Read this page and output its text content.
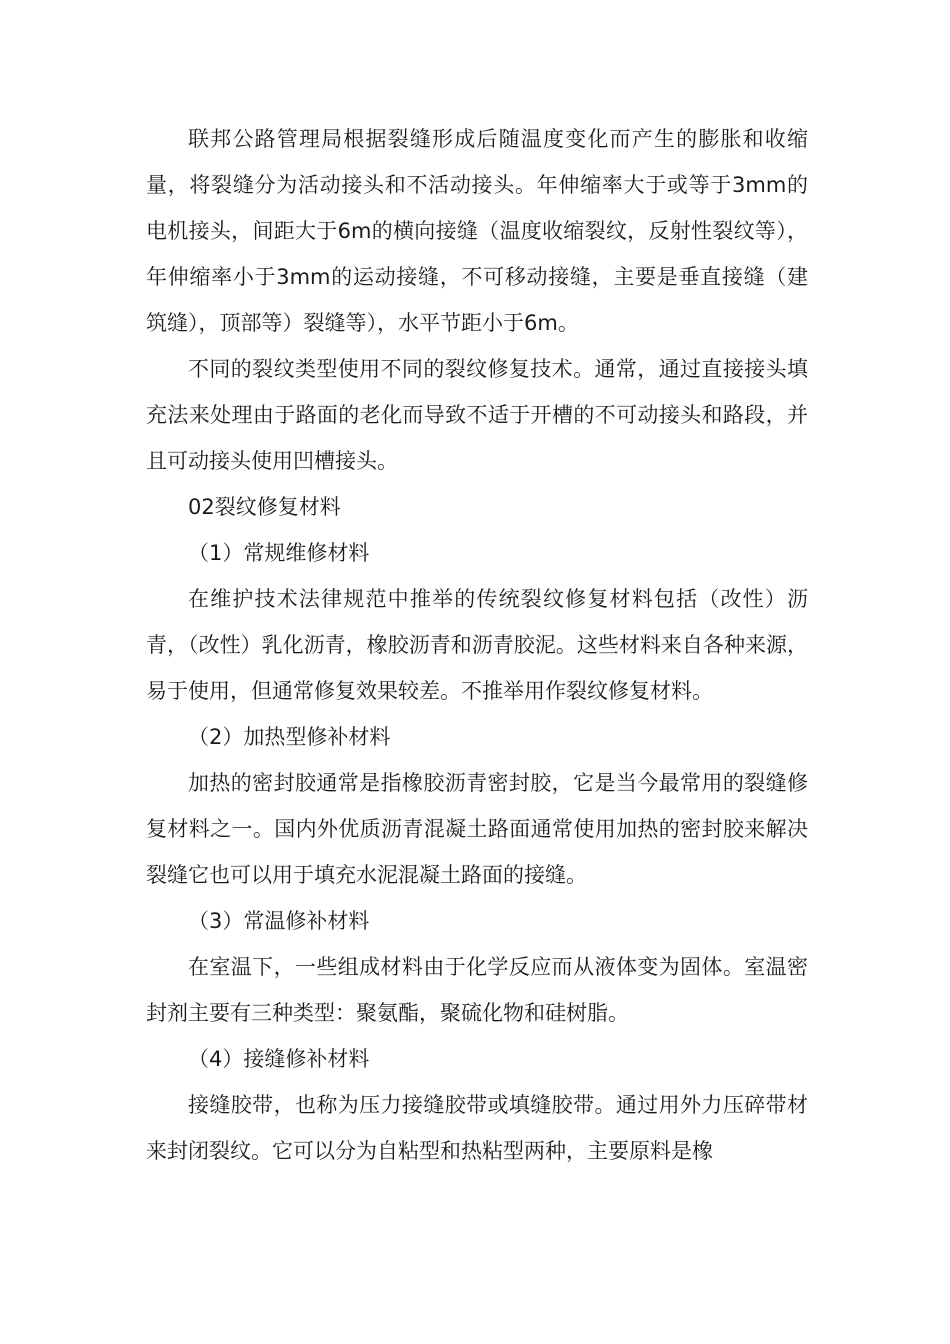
联邦公路管理局根据裂缝形成后随温度变化而产生的膨胀和收缩量，将裂缝分为活动接头和不活动接头。年伸缩率大于或等于3mm的电机接头，间距大于6m的横向接缝（温度收缩裂纹，反射性裂纹等），年伸缩率小于3mm的运动接缝，不可移动接缝，主要是垂直接缝（建筑缝），顶部等）裂缝等），水平节距小于6m。

不同的裂纹类型使用不同的裂纹修复技术。通常，通过直接接头填充法来处理由于路面的老化而导致不适于开槽的不可动接头和路段，并且可动接头使用凹槽接头。

02裂纹修复材料

（1）常规维修材料

在维护技术法律规范中推举的传统裂纹修复材料包括（改性）沥青，（改性）乳化沥青，橡胶沥青和沥青胶泥。这些材料来自各种来源，易于使用，但通常修复效果较差。不推举用作裂纹修复材料。

（2）加热型修补材料

加热的密封胶通常是指橡胶沥青密封胶，它是当今最常用的裂缝修复材料之一。国内外优质沥青混凝土路面通常使用加热的密封胶来解决裂缝它也可以用于填充水泥混凝土路面的接缝。

（3）常温修补材料

在室温下，一些组成材料由于化学反应而从液体变为固体。室温密封剂主要有三种类型：聚氨酯，聚硫化物和硅树脂。

（4）接缝修补材料

接缝胶带，也称为压力接缝胶带或填缝胶带。通过用外力压碎带材来封闭裂纹。它可以分为自粘型和热粘型两种，主要原料是橡
